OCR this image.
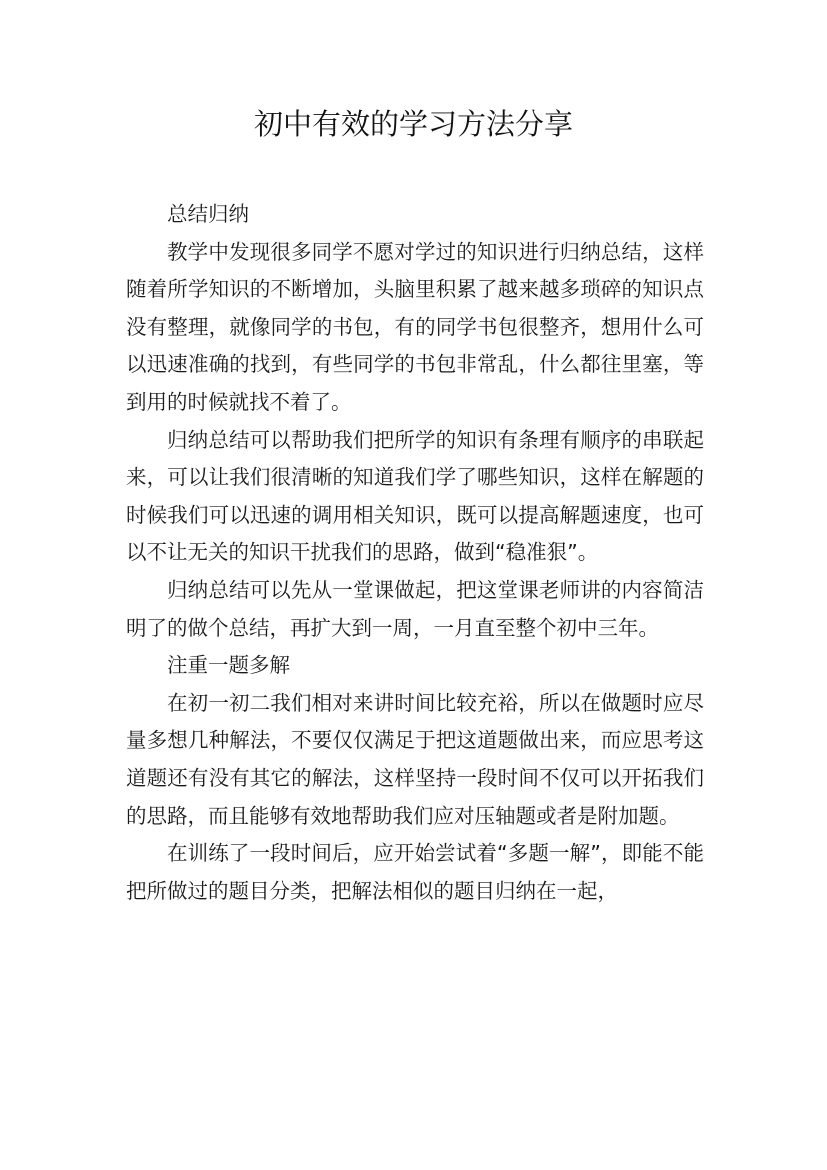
初中有效的学习方法分享

总结归纳

教学中发现很多同学不愿对学过的知识进行归纳总结，这样随着所学知识的不断增加，头脑里积累了越来越多琐碎的知识点没有整理，就像同学的书包，有的同学书包很整齐，想用什么可以迅速准确的找到，有些同学的书包非常乱，什么都往里塞，等到用的时候就找不着了。

归纳总结可以帮助我们把所学的知识有条理有顺序的串联起来，可以让我们很清晰的知道我们学了哪些知识，这样在解题的时候我们可以迅速的调用相关知识，既可以提高解题速度，也可以不让无关的知识干扰我们的思路，做到“稳准狠”。

归纳总结可以先从一堂课做起，把这堂课老师讲的内容简洁明了的做个总结，再扩大到一周，一月直至整个初中三年。

注重一题多解

在初一初二我们相对来讲时间比较充裕，所以在做题时应尽量多想几种解法，不要仅仅满足于把这道题做出来，而应思考这道题还有没有其它的解法，这样坚持一段时间不仅可以开拓我们的思路，而且能够有效地帮助我们应对压轴题或者是附加题。

在训练了一段时间后，应开始尝试着“多题一解”，即能不能把所做过的题目分类，把解法相似的题目归纳在一起，
